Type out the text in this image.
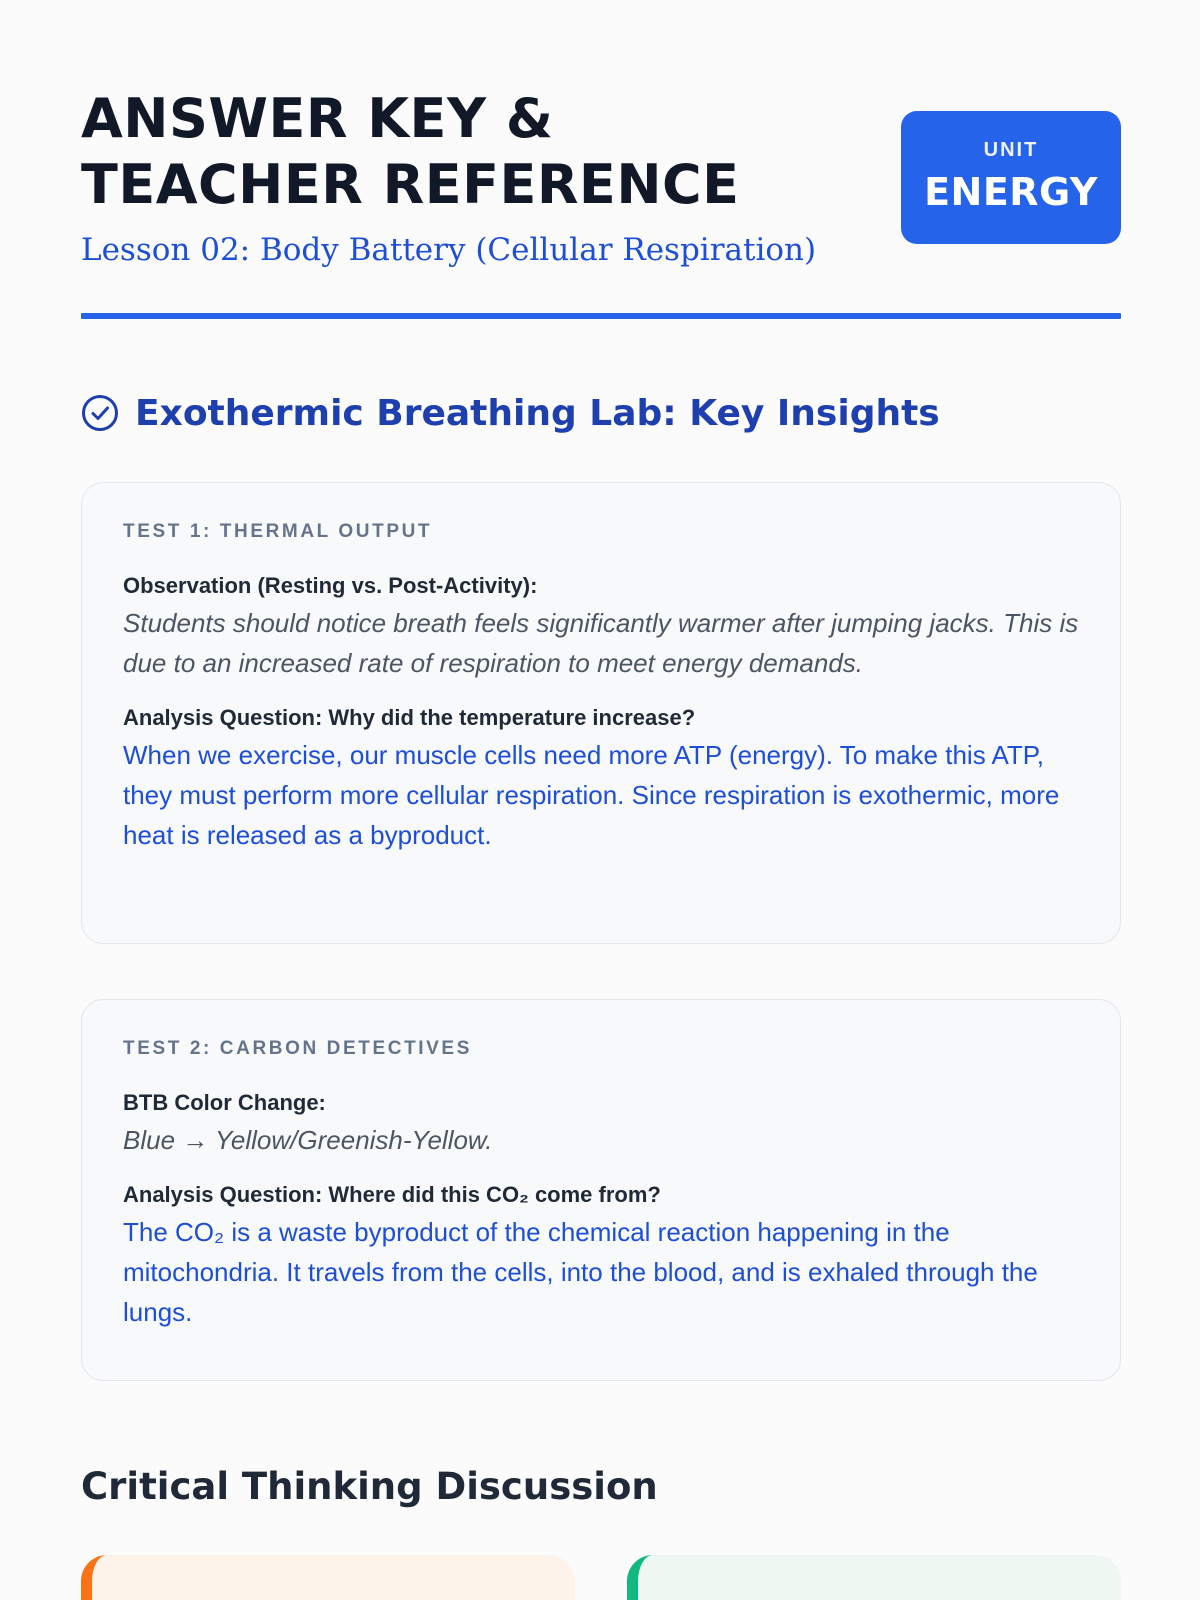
ANSWER KEY &
TEACHER REFERENCE
Lesson 02: Body Battery (Cellular Respiration)
UNIT
ENERGY
Exothermic Breathing Lab: Key Insights
TEST 1: THERMAL OUTPUT
Observation (Resting vs. Post-Activity):
Students should notice breath feels significantly warmer after jumping jacks. This is due to an increased rate of respiration to meet energy demands.
Analysis Question: Why did the temperature increase?
When we exercise, our muscle cells need more ATP (energy). To make this ATP, they must perform more cellular respiration. Since respiration is exothermic, more heat is released as a byproduct.
TEST 2: CARBON DETECTIVES
BTB Color Change:
Blue → Yellow/Greenish-Yellow.
Analysis Question: Where did this CO₂ come from?
The CO₂ is a waste byproduct of the chemical reaction happening in the mitochondria. It travels from the cells, into the blood, and is exhaled through the lungs.
Critical Thinking Discussion
